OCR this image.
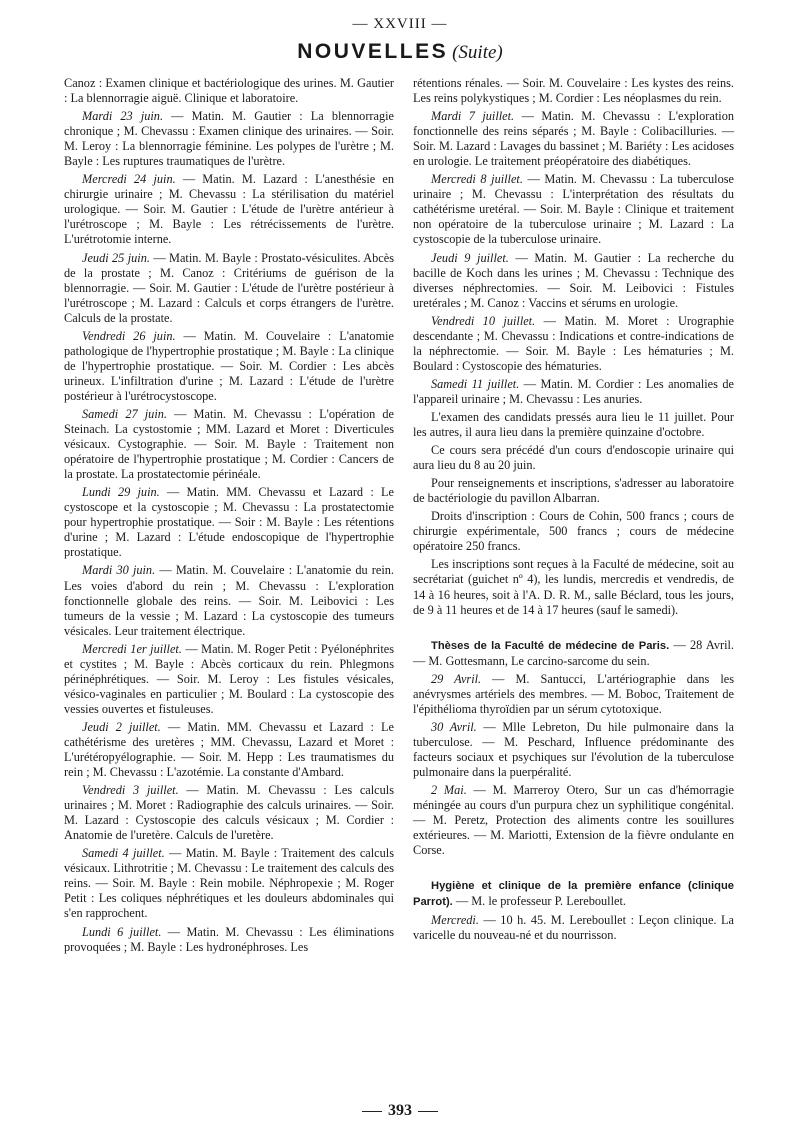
— XXVIII —
NOUVELLES (Suite)

Canoz : Examen clinique et bactériologique des urines. M. Gautier : La blennorragie aiguë. Clinique et laboratoire.

Mardi 23 juin. — Matin. M. Gautier : La blennorragie chronique ; M. Chevassu : Examen clinique des urinaires. — Soir. M. Leroy : La blennorragie féminine. Les polypes de l'urètre ; M. Bayle : Les ruptures traumatiques de l'urètre.

Mercredi 24 juin. — Matin. M. Lazard : L'anesthésie en chirurgie urinaire ; M. Chevassu : La stérilisation du matériel urologique. — Soir. M. Gautier : L'étude de l'urètre antérieur à l'urétroscope ; M. Bayle : Les rétrécissements de l'urètre. L'urétrotomie interne.

Jeudi 25 juin. — Matin. M. Bayle : Prostato-vésiculites. Abcès de la prostate ; M. Canoz : Critériums de guérison de la blennorragie. — Soir. M. Gautier : L'étude de l'urètre postérieur à l'urétroscope ; M. Lazard : Calculs et corps étrangers de l'urètre. Calculs de la prostate.

Vendredi 26 juin. — Matin. M. Couvelaire : L'anatomie pathologique de l'hypertrophie prostatique ; M. Bayle : La clinique de l'hypertrophie prostatique. — Soir. M. Cordier : Les abcès urineux. L'infiltration d'urine ; M. Lazard : L'étude de l'urètre postérieur à l'urétrocystoscope.

Samedi 27 juin. — Matin. M. Chevassu : L'opération de Steinach. La cystostomie ; MM. Lazard et Moret : Diverticules vésicaux. Cystographie. — Soir. M. Bayle : Traitement non opératoire de l'hypertrophie prostatique ; M. Cordier : Cancers de la prostate. La prostatectomie périnéale.

Lundi 29 juin. — Matin. MM. Chevassu et Lazard : Le cystoscope et la cystoscopie ; M. Chevassu : La prostatectomie pour hypertrophie prostatique. — Soir : M. Bayle : Les rétentions d'urine ; M. Lazard : L'étude endoscopique de l'hypertrophie prostatique.

Mardi 30 juin. — Matin. M. Couvelaire : L'anatomie du rein. Les voies d'abord du rein ; M. Chevassu : L'exploration fonctionnelle globale des reins. — Soir. M. Leibovici : Les tumeurs de la vessie ; M. Lazard : La cystoscopie des tumeurs vésicales. Leur traitement électrique.

Mercredi 1er juillet. — Matin. M. Roger Petit : Pyélonéphrites et cystites ; M. Bayle : Abcès corticaux du rein. Phlegmons périnéphrétiques. — Soir. M. Leroy : Les fistules vésicales, vésico-vaginales en particulier ; M. Boulard : La cystoscopie des vessies ouvertes et fistuleuses.

Jeudi 2 juillet. — Matin. MM. Chevassu et Lazard : Le cathétérisme des uretères ; MM. Chevassu, Lazard et Moret : L'urétéropyélographie. — Soir. M. Hepp : Les traumatismes du rein ; M. Chevassu : L'azotémie. La constante d'Ambard.

Vendredi 3 juillet. — Matin. M. Chevassu : Les calculs urinaires ; M. Moret : Radiographie des calculs urinaires. — Soir. M. Lazard : Cystoscopie des calculs vésicaux ; M. Cordier : Anatomie de l'uretère. Calculs de l'uretère.

Samedi 4 juillet. — Matin. M. Bayle : Traitement des calculs vésicaux. Lithrotritie ; M. Chevassu : Le traitement des calculs des reins. — Soir. M. Bayle : Rein mobile. Néphropexie ; M. Roger Petit : Les coliques néphrétiques et les douleurs abdominales qui s'en rapprochent.

Lundi 6 juillet. — Matin. M. Chevassu : Les éliminations provoquées ; M. Bayle : Les hydronéphroses. Les

rétentions rénales. — Soir. M. Couvelaire : Les kystes des reins. Les reins polykystiques ; M. Cordier : Les néoplasmes du rein.

Mardi 7 juillet. — Matin. M. Chevassu : L'exploration fonctionnelle des reins séparés ; M. Bayle : Colibacilluries. — Soir. M. Lazard : Lavages du bassinet ; M. Bariéty : Les acidoses en urologie. Le traitement préopératoire des diabétiques.

Mercredi 8 juillet. — Matin. M. Chevassu : La tuberculose urinaire ; M. Chevassu : L'interprétation des résultats du cathétérisme uretéral. — Soir. M. Bayle : Clinique et traitement non opératoire de la tuberculose urinaire ; M. Lazard : La cystoscopie de la tuberculose urinaire.

Jeudi 9 juillet. — Matin. M. Gautier : La recherche du bacille de Koch dans les urines ; M. Chevassu : Technique des diverses néphrectomies. — Soir. M. Leibovici : Fistules uretérales ; M. Canoz : Vaccins et sérums en urologie.

Vendredi 10 juillet. — Matin. M. Moret : Urographie descendante ; M. Chevassu : Indications et contre-indications de la néphrectomie. — Soir. M. Bayle : Les hématuries ; M. Boulard : Cystoscopie des hématuries.

Samedi 11 juillet. — Matin. M. Cordier : Les anomalies de l'appareil urinaire ; M. Chevassu : Les anuries.

L'examen des candidats pressés aura lieu le 11 juillet. Pour les autres, il aura lieu dans la première quinzaine d'octobre.

Ce cours sera précédé d'un cours d'endoscopie urinaire qui aura lieu du 8 au 20 juin.

Pour renseignements et inscriptions, s'adresser au laboratoire de bactériologie du pavillon Albarran.

Droits d'inscription : Cours de Cohin, 500 francs ; cours de chirurgie expérimentale, 500 francs ; cours de médecine opératoire 250 francs.

Les inscriptions sont reçues à la Faculté de médecine, soit au secrétariat (guichet nº 4), les lundis, mercredis et vendredis, de 14 à 16 heures, soit à l'A. D. R. M., salle Béclard, tous les jours, de 9 à 11 heures et de 14 à 17 heures (sauf le samedi).

Thèses de la Faculté de médecine de Paris. — 28 Avril. — M. Gottesmann, Le carcino-sarcome du sein.

29 Avril. — M. Santucci, L'artériographie dans les anévrysmes artériels des membres. — M. Boboc, Traitement de l'épithélioma thyroïdien par un sérum cytotoxique.

30 Avril. — Mlle Lebreton, Du hile pulmonaire dans la tuberculose. — M. Peschard, Influence prédominante des facteurs sociaux et psychiques sur l'évolution de la tuberculose pulmonaire dans la puerpéralité.

2 Mai. — M. Marreroy Otero, Sur un cas d'hémorragie méningée au cours d'un purpura chez un syphilitique congénital. — M. Peretz, Protection des aliments contre les souillures extérieures. — M. Mariotti, Extension de la fièvre ondulante en Corse.

Hygiène et clinique de la première enfance (clinique Parrot). — M. le professeur P. Lereboullet.

Mercredi. — 10 h. 45. M. Lereboullet : Leçon clinique. La varicelle du nouveau-né et du nourrisson.

393
